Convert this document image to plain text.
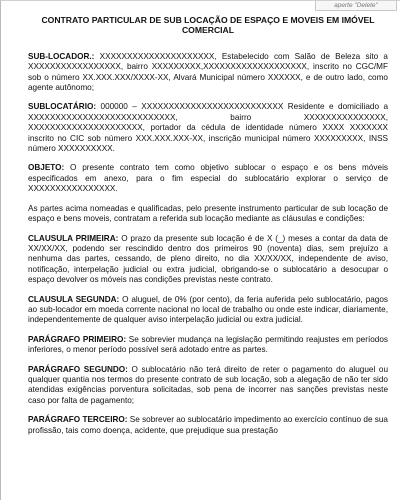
aperte "Delete"
CONTRATO PARTICULAR DE SUB LOCAÇÃO DE ESPAÇO E MOVEIS EM IMÓVEL COMERCIAL

SUB-LOCADOR.: XXXXXXXXXXXXXXXXXXXXX, Estabelecido com Salão de Beleza sito a XXXXXXXXXXXXXXXXX, bairro XXXXXXXXX,XXXXXXXXXXXXXXXXXXX, inscrito no CGC/MF sob o número XX.XXX.XXX/XXXX-XX, Alvará Municipal número XXXXXX, e de outro lado, como agente autônomo;

SUBLOCATÁRIO: 000000 – XXXXXXXXXXXXXXXXXXXXXXXXXX Residente e domiciliado a XXXXXXXXXXXXXXXXXXXXXXXXXXX, bairro XXXXXXXXXXXXXXX, XXXXXXXXXXXXXXXXXXXXX, portador da cédula de identidade número XXXX XXXXXXX inscrito no CIC sob número XXX.XXX.XXX-XX, inscrição municipal número XXXXXXXXX, INSS número XXXXXXXXXX.

OBJETO: O presente contrato tem como objetivo sublocar o espaço e os bens móveis especificados em anexo, para o fim especial do sublocatário explorar o serviço de XXXXXXXXXXXXXXXX.

As partes acima nomeadas e qualificadas, pelo presente instrumento particular de sub locação de espaço e bens moveis, contratam a referida sub locação mediante as cláusulas e condições:

CLAUSULA PRIMEIRA: O prazo da presente sub locação é de X (_) meses a contar da data de XX/XX/XX, podendo ser rescindido dentro dos primeiros 90 (noventa) dias, sem prejuízo a nenhuma das partes, cessando, de pleno direito, no dia XX/XX/XX, independente de aviso, notificação, interpelação judicial ou extra judicial, obrigando-se o sublocatário a desocupar o espaço devolver os móveis nas condições previstas neste contrato.

CLAUSULA SEGUNDA: O aluguel, de 0% (por cento), da feria auferida pelo sublocatário, pagos ao sub-locador em moeda corrente nacional no local de trabalho ou onde este indicar, diariamente, independentemente de qualquer aviso interpelação judicial ou extra judicial.

PARÁGRAFO PRIMEIRO: Se sobrevier mudança na legislação permitindo reajustes em períodos inferiores, o menor período possível será adotado entre as partes.

PARÁGRAFO SEGUNDO: O sublocatário não terá direito de reter o pagamento do aluguel ou qualquer quantia nos termos do presente contrato de sub locação, sob a alegação de não ter sido atendidas exigências porventura solicitadas, sob pena de incorrer nas sanções previstas neste caso por falta de pagamento;

PARÁGRAFO TERCEIRO: Se sobrever ao sublocatário impedimento ao exercício contínuo de sua profissão, tais como doença, acidente, que prejudique sua prestação
